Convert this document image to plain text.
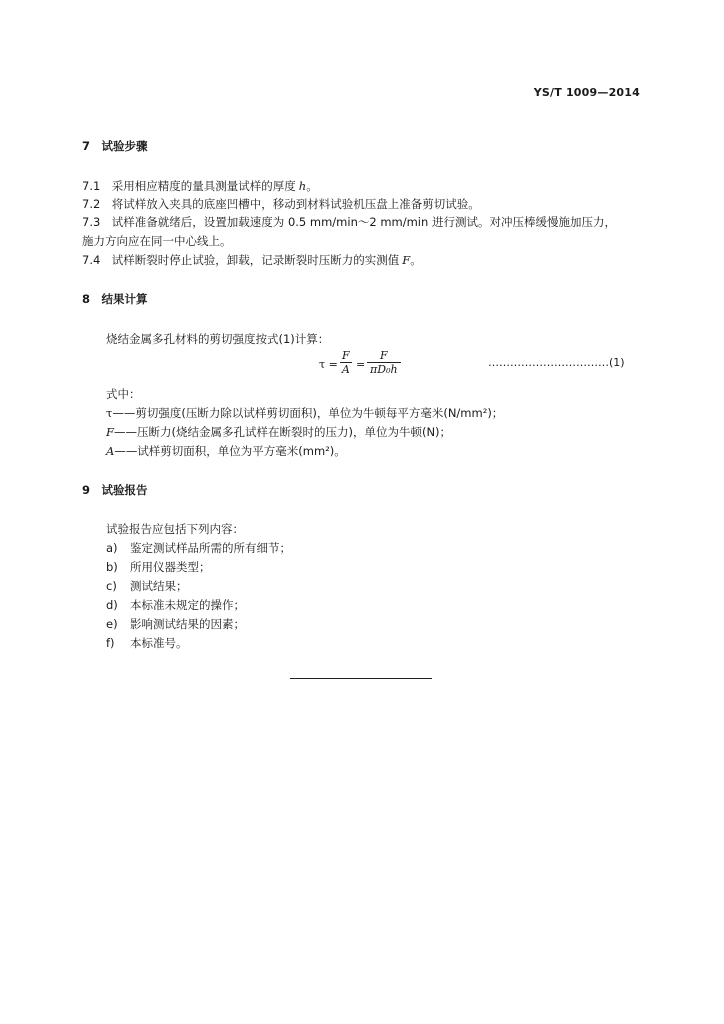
YS/T 1009—2014
7　试验步骤
7.1　采用相应精度的量具测量试样的厚度 h。
7.2　将试样放入夹具的底座凹槽中，移动到材料试验机压盘上准备剪切试验。
7.3　试样准备就绪后，设置加载速度为 0.5 mm/min～2 mm/min 进行测试。对冲压棒缓慢施加压力，
施力方向应在同一中心线上。
7.4　试样断裂时停止试验，卸载，记录断裂时压断力的实测值 F。
8　结果计算
烧结金属多孔材料的剪切强度按式(1)计算：
$\tau = \frac{F}{A} = \frac{F}{\text{πD₀h}}$	……………………………(1)
式中：
τ——剪切强度(压断力除以试样剪切面积)，单位为牛顿每平方毫米(N/mm²)；
F——压断力(烧结金属多孔试样在断裂时的压力)，单位为牛顿(N)；
A——试样剪切面积，单位为平方毫米(mm²)。
9　试验报告
试验报告应包括下列内容：
a) 鉴定测试样品所需的所有细节；
b) 所用仪器类型；
c) 测试结果；
d) 本标准未规定的操作；
e) 影响测试结果的因素；
f) 本标准号。
